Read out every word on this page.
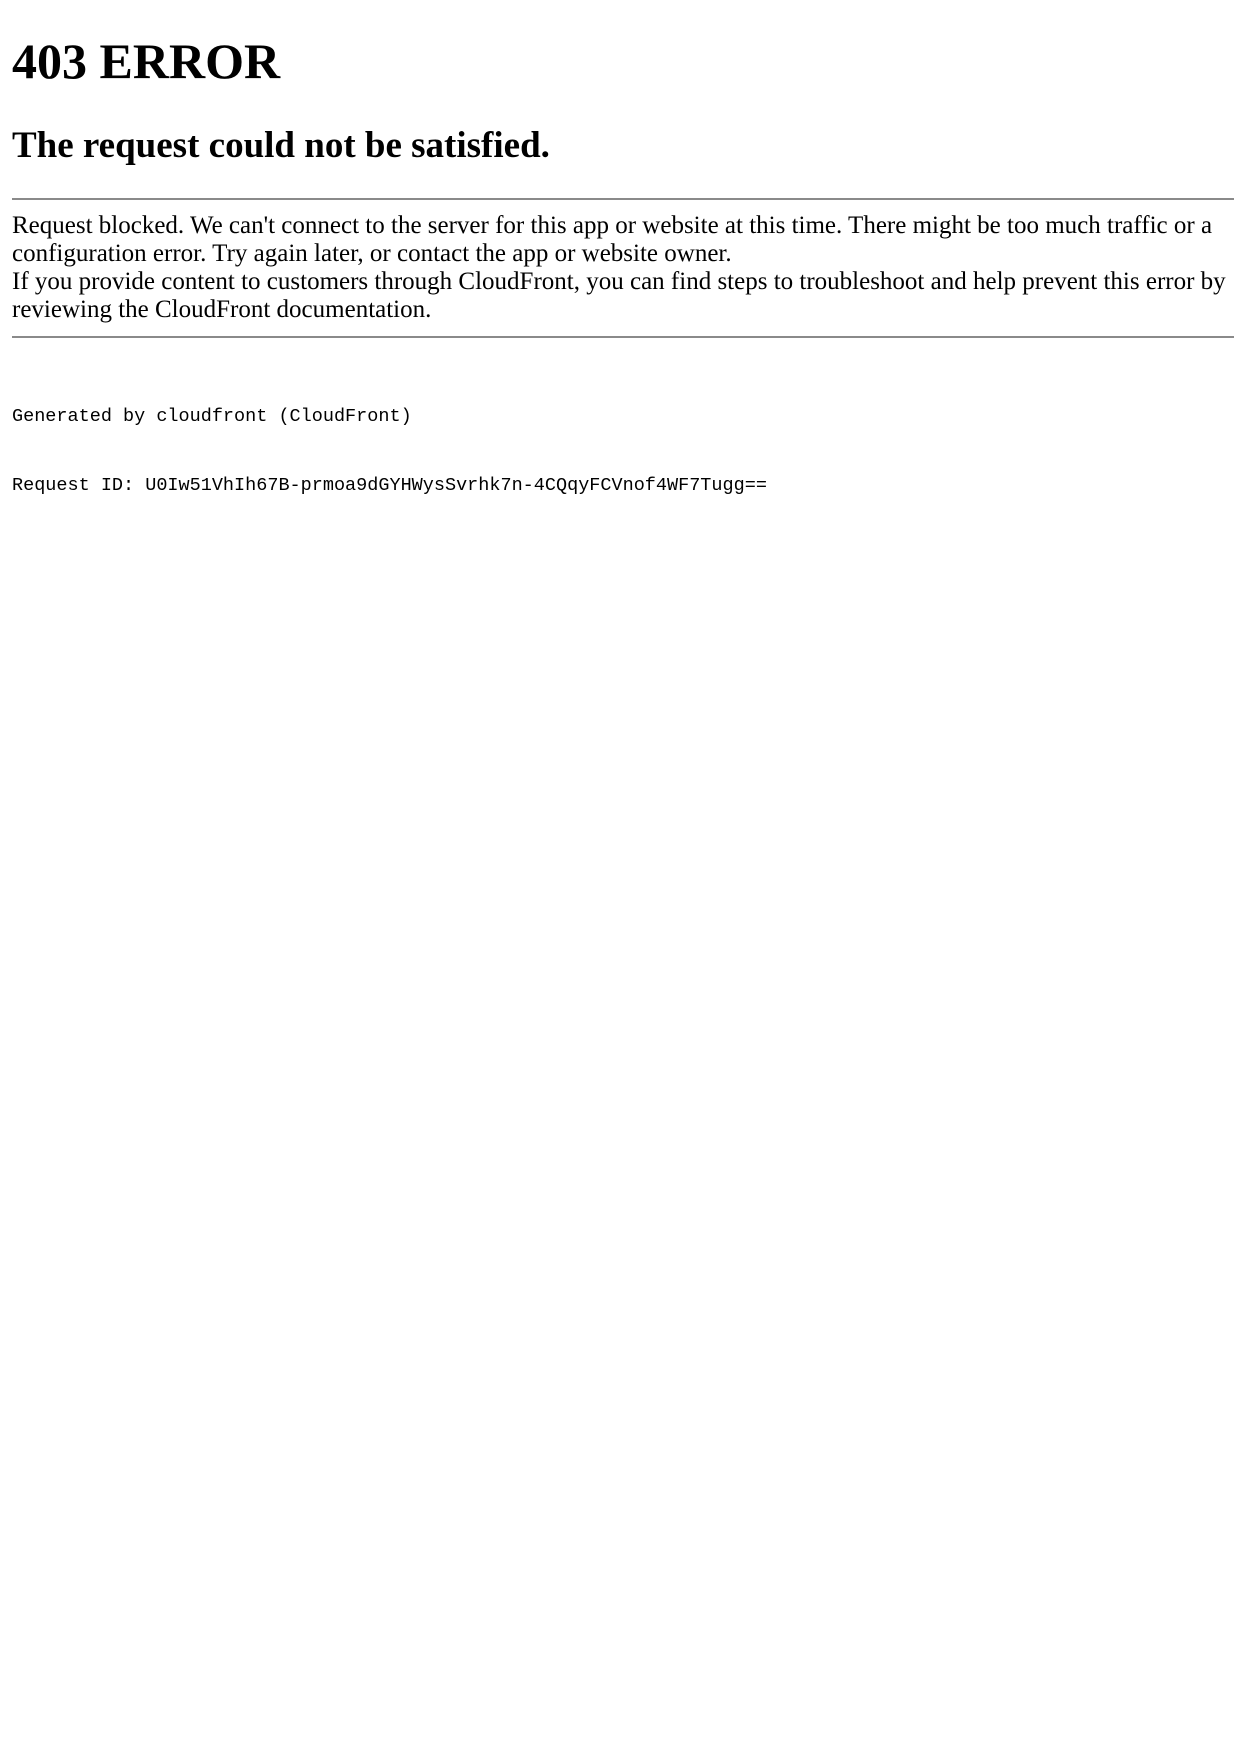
403 ERROR
The request could not be satisfied.

Request blocked. We can't connect to the server for this app or website at this time. There might be too much traffic or a configuration error. Try again later, or contact the app or website owner.

If you provide content to customers through CloudFront, you can find steps to troubleshoot and help prevent this error by reviewing the CloudFront documentation.

Generated by cloudfront (CloudFront)

Request ID: U0Iw51VhIh67B-prmoa9dGYHWysSvrhk7n-4CQqyFCVnof4WF7Tugg==
